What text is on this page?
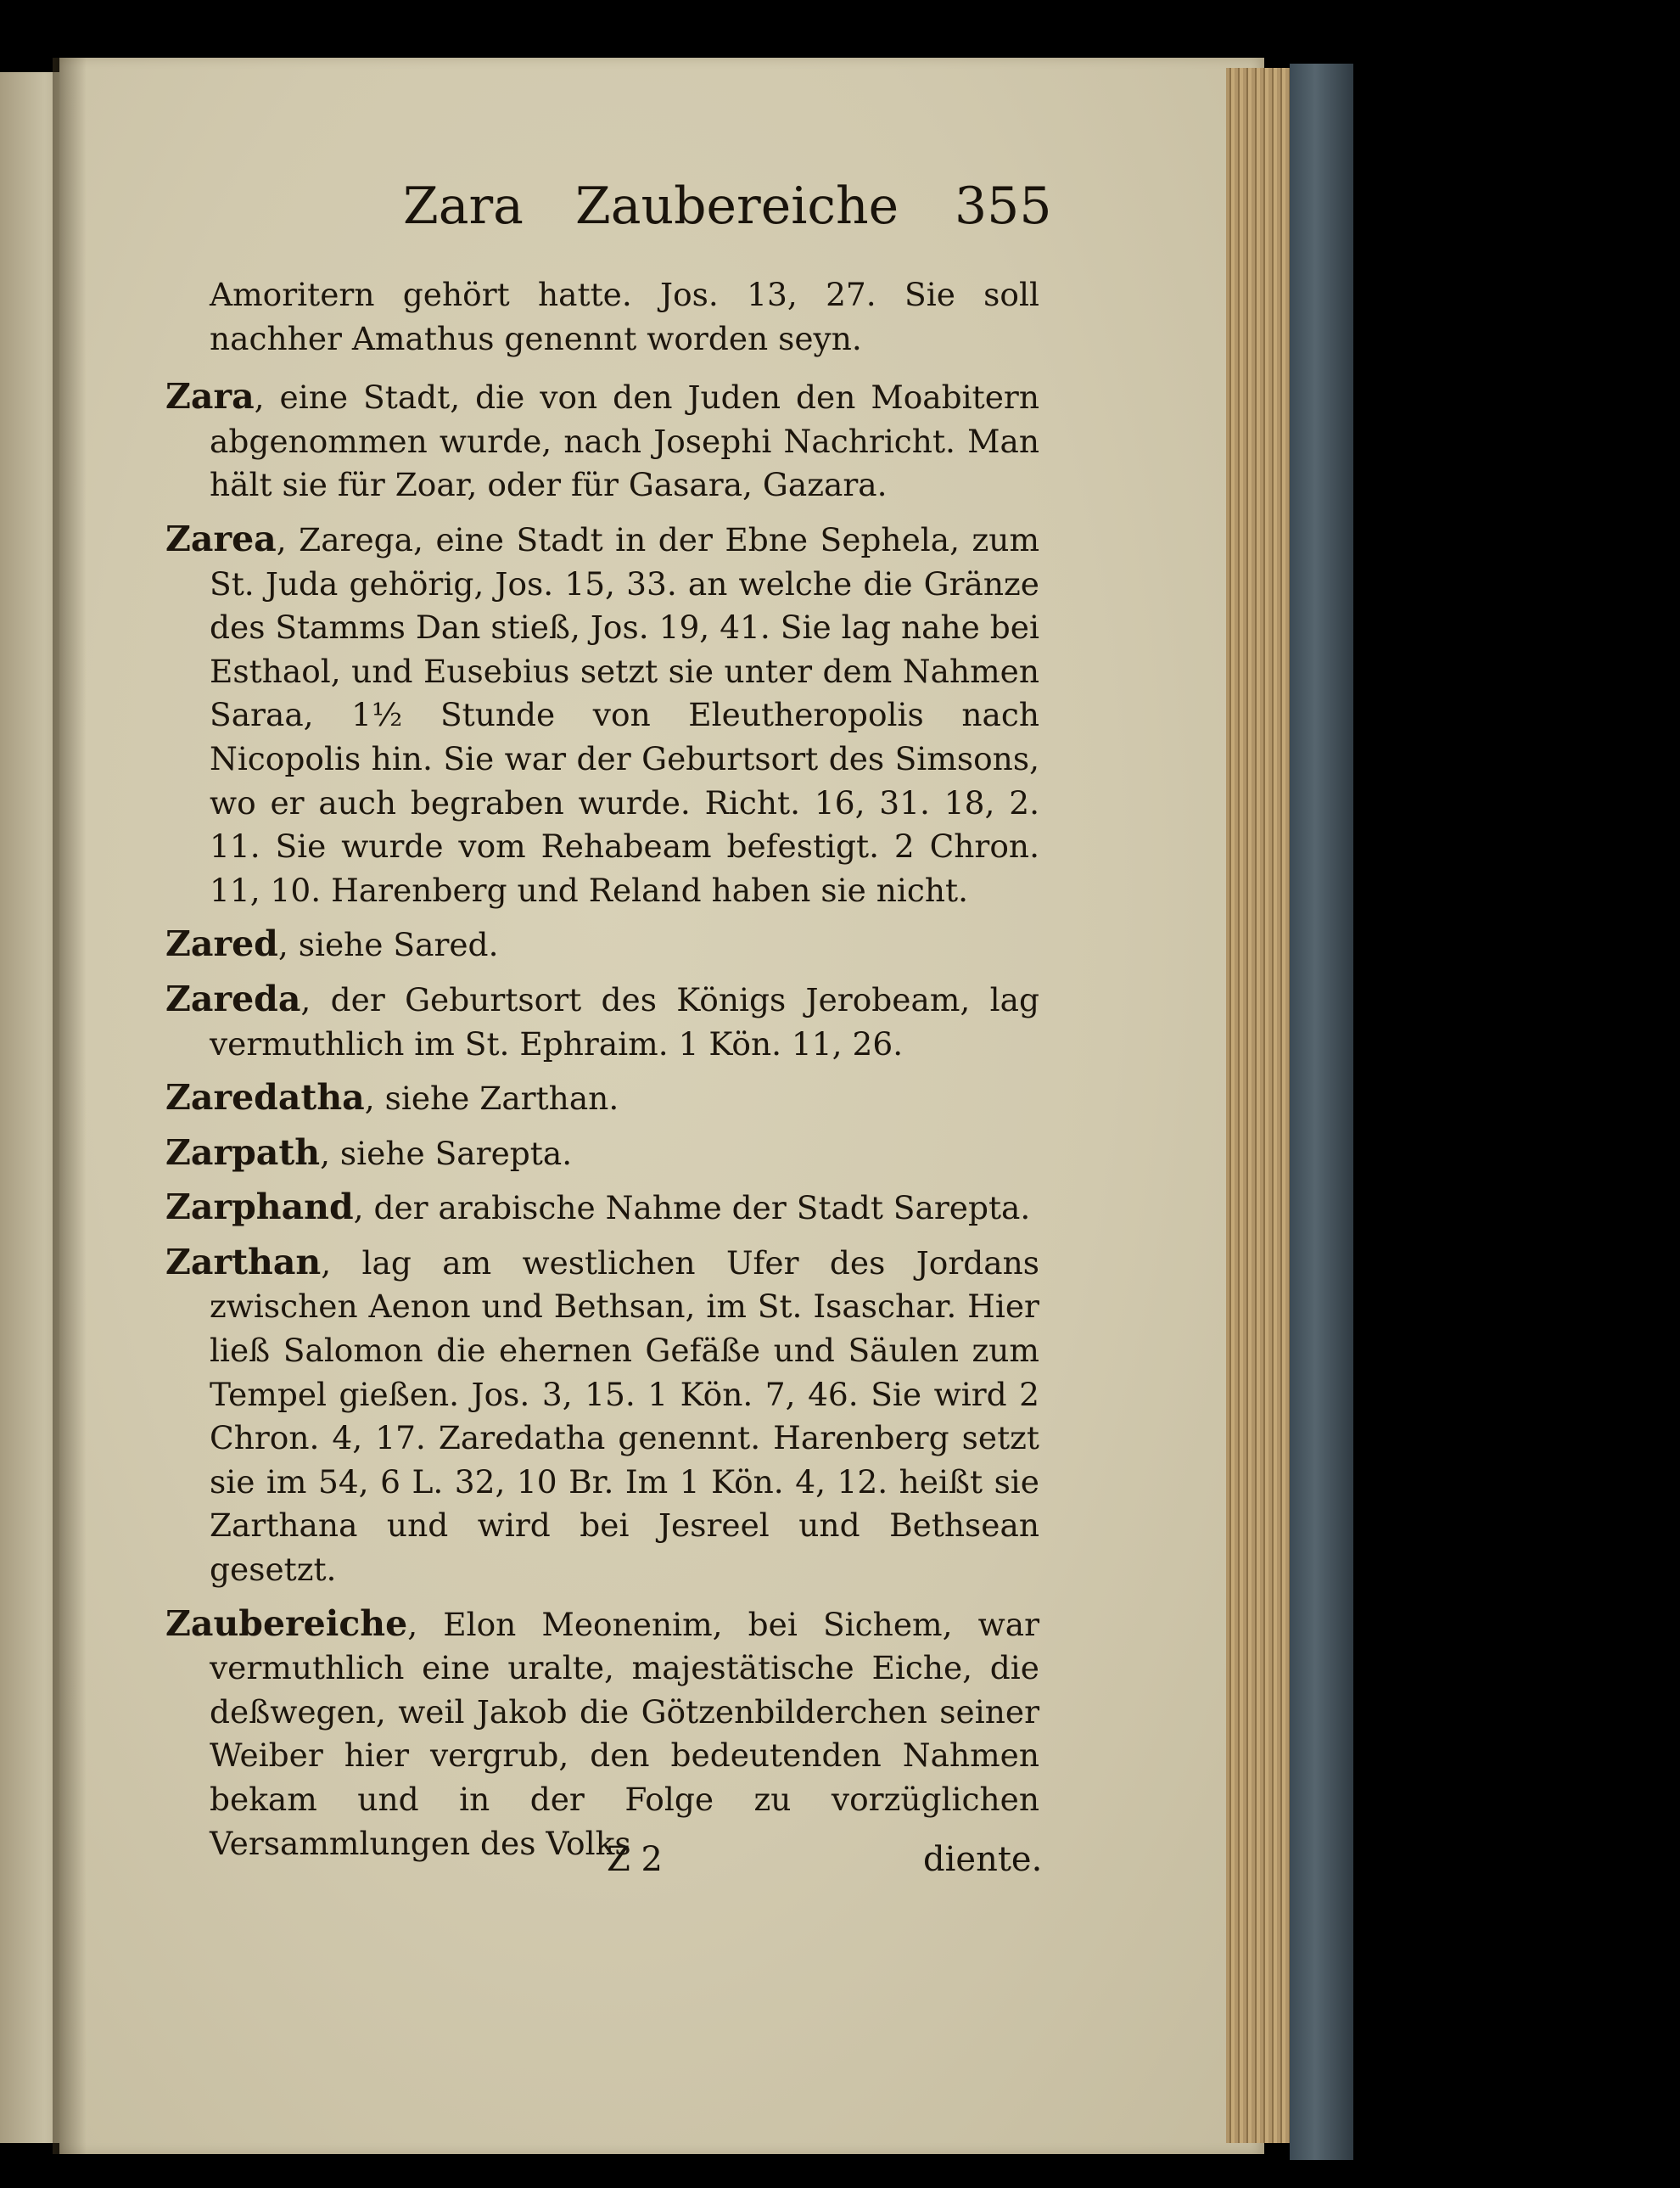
Zara Zaubereiche 355

Amoritern gehört hatte. Jos. 13, 27. Sie soll nachher Amathus genennt worden seyn.

Zara, eine Stadt, die von den Juden den Moabitern abgenommen wurde, nach Josephi Nachricht. Man hält sie für Zoar, oder für Gasara, Gazara.

Zarea, Zarega, eine Stadt in der Ebne Sephela, zum St. Juda gehörig, Jos. 15, 33. an welche die Gränze des Stamms Dan stieß, Jos. 19, 41. Sie lag nahe bei Esthaol, und Eusebius setzt sie unter dem Nahmen Saraa, 1½ Stunde von Eleutheropolis nach Nicopolis hin. Sie war der Geburtsort des Simsons, wo er auch begraben wurde. Richt. 16, 31. 18, 2. 11. Sie wurde vom Rehabeam befestigt. 2 Chron. 11, 10. Harenberg und Reland haben sie nicht.

Zared, siehe Sared.

Zareda, der Geburtsort des Königs Jerobeam, lag vermuthlich im St. Ephraim. 1 Kön. 11, 26.

Zaredatha, siehe Zarthan.

Zarpath, siehe Sarepta.

Zarphand, der arabische Nahme der Stadt Sarepta.

Zarthan, lag am westlichen Ufer des Jordans zwischen Aenon und Bethsan, im St. Isaschar. Hier ließ Salomon die ehernen Gefäße und Säulen zum Tempel gießen. Jos. 3, 15. 1 Kön. 7, 46. Sie wird 2 Chron. 4, 17. Zaredatha genennt. Harenberg setzt sie im 54, 6 L. 32, 10 Br. Im 1 Kön. 4, 12. heißt sie Zarthana und wird bei Jesreel und Bethsean gesetzt.

Zaubereiche, Elon Meonenim, bei Sichem, war vermuthlich eine uralte, majestätische Eiche, die deßwegen, weil Jakob die Götzenbilderchen seiner Weiber hier vergrub, den bedeutenden Nahmen bekam und in der Folge zu vorzüglichen Versammlungen des Volks

Z 2	diente.
